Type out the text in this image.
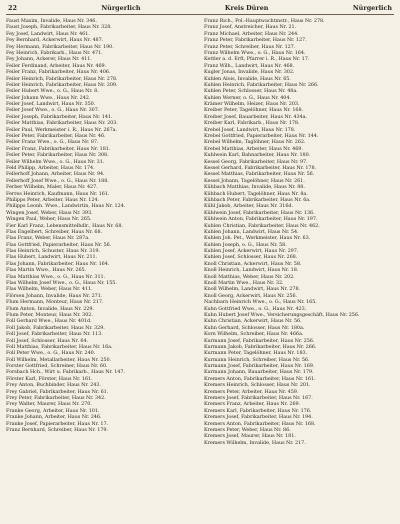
22	Nürgerlich	Kreis Düren	Nürgerlich
Faust Maxim, Invalide, Haus Nr. 346.
Faust Joseph, Fabrikarbeiter, Haus Nr. 328.
Fey Josef, Landwirt, Haus Nr. 461.
Fey Bernhard, Ackerwirt, Haus Nr. 487.
Fey Hermann, Fabrikarbeiter, Haus Nr. 190.
Fey Heinrich, Fabrikarb., Haus Nr. 471.
Fey Johann, Ackerer, Haus Nr. 411.
Feiler Ferdinand, Arbeiter, Haus Nr. 469.
Feiler Franz, Fabrikarbeiter, Haus Nr. 406.
Feiler Heinrich, Fabrikarbeiter, Haus Nr. 278.
Feiler Heinrich, Fabrikarbeiter, Haus Nr. 209.
Feiler Hubert Wwe., o. G., Haus Nr. 8.
Feiler Johann Wwe., Haus Nr. 242.
Feiler Josef, Landwirt, Haus Nr. 350.
Feiler Josef Wwe., o. G., Haus Nr. 307.
Feiler Joseph, Fabrikarbeiter, Haus Nr. 141.
Feiler Matthias, Fabrikarbeiter, Haus Nr. 203.
Feiler Paul, Werkmeister i. R., Haus Nr. 267a.
Feiler Peter, Fabrikarbeiter, Haus Nr. 46.
Feiler Franz Wwe., o. G., Haus Nr. 87.
Feiler Franz, Fabrikarbeiter, Haus Nr. 181.
Feiler Peter, Fabrikarbeiter, Haus Nr. 308.
Feiler Wilhelm Wwe., o. G., Haus Nr. 31.
Feld Philipp, Arbeiter, Haus Nr. 174.
Fellerhoff Johann, Arbeiter, Haus Nr. 94.
Fellerhoff Josef Wwe., o. G., Haus Nr. 188.
Ferber Wilhelm, Maler, Haus Nr. 427.
Ferres Heinrich, Kaufmann, Haus Nr. 161.
Philipps Peter, Arbeiter, Haus Nr. 124.
Philipps Leonh. Wwe., Landwirtin, Haus Nr. 124.
Wingen Josef, Weber, Haus Nr. 393.
Wingen Paul, Weber, Haus Nr. 265.
Fier Karl Franz, Lebensmittelhdlr., Haus Nr. 68.
Flas Engelbert, Schreiber, Haus Nr. 68.
Flas Franz, Weber, Haus Nr. 287a.
Flas Gottfried, Papierarbeiter, Haus Nr. 56.
Flas Heinrich, Schuster, Haus Nr. 319.
Flas Hubert, Landwirt, Haus Nr. 211.
Flas Johann, Fabrikarbeiter, Haus Nr. 164.
Flas Martin Wwe., Haus Nr. 265.
Flas Matthias Wwe., o. G., Haus Nr. 311.
Flas Wilhelm Josef Wwe., o. G., Haus Nr. 155.
Flas Wilhelm, Weber, Haus Nr. 411.
Flörsen Johann, Invalide, Haus Nr. 271.
Flum Hermann, Monteur, Haus Nr. 217.
Flum Anton, Invalide, Haus Nr. 229.
Flum Peter, Monteur, Haus Nr. 302.
Foll Gerhard Wwe., Haus Nr. 401d.
Foll Jakob, Fabrikarbeiter, Haus Nr. 329.
Foll Josef, Fabrikarbeiter, Haus Nr. 113.
Foll Josef, Schlosser, Haus Nr. 64.
Foll Matthias, Fabrikarbeiter, Haus Nr. 16a.
Foll Peter Wwe., o. G., Haus Nr. 240.
Foll Wilhelm, Metallarbeiter, Haus Nr. 250.
Forster Gottfried, Schreiner, Haus Nr. 60.
Forsbach Hch., Wirt u. Fabrikarb., Haus Nr. 147.
Förster Karl, Förster, Haus Nr. 161.
Frey Anton, Buchbinder, Haus Nr. 243.
Frey Gabriel, Fabrikarbeiter, Haus Nr. 61.
Frey Peter, Fabrikarbeiter, Haus Nr. 342.
Frey Walter, Maurer, Haus Nr. 270.
Franke Georg, Arbeiter, Haus Nr. 101.
Franke Johann, Arbeiter, Haus Nr. 246.
Franke Josef, Papierarbeiter, Haus Nr. 17.
Franz Bernhard, Schreiber, Haus Nr. 179.
Franz Rich., Pol.-Hauptwachtmstr., Haus Nr. 278.
Franz Josef, Anstreicher, Haus Nr. 21.
Franz Michael, Arbeiter, Haus Nr. 244.
Franz Peter, Fabrikarbeiter, Haus Nr. 127.
Franz Peter, Schreiber, Haus Nr. 127.
Franz Wilhelm Wwe., o. G., Haus Nr. 164.
Kettler a. d. Erft, Pfarrer i. R., Haus Nr. 17.
Franz Wilh., Landwirt, Haus Nr. 468.
Kugler Jonas, Invalide, Haus Nr. 302.
Kuhlen Alois, Invalide, Haus Nr. 65.
Kuhlen Heinrich, Fabrikarbeiter, Haus Nr. 266.
Kuhlen Peter, Schlosser, Haus Nr. 48a.
Kuhlen Werner, o. G., Haus Nr. 404.
Krämer Wilhelm, Heizer, Haus Nr. 203.
Kreiber Peter, Tagelöhner, Haus Nr. 168.
Kreiber Josef, Bauarbeiter, Haus Nr. 434a.
Kreiber Karl, Fabrikarb., Haus Nr. 178.
Krebel Josef, Landwirt, Haus Nr. 178.
Krebel Gottfried, Papierarbeiter, Haus Nr. 144.
Krebel Wilhelm, Taglöhner, Haus Nr. 262.
Krebel Matthias, Arbeiter, Haus Nr. 469.
Kuhlwein Karl, Bahnarbeiter, Haus Nr. 180.
Kessel Georg, Fabrikarbeiter, Haus Nr. 97.
Kessel Gerhard, Fabrikarbeiter, Haus Nr. 178.
Kessel Matthias, Fabrikarbeiter, Haus Nr. 56.
Kessel Johann, Tagelöhner, Haus Nr. 261.
Kühbach Matthias, Invalide, Haus Nr. 88.
Kühbach Hubert, Tagelöhner, Haus Nr. 8a.
Kühbach Peter, Fabrikarbeiter, Haus Nr. 6a.
Kühl Jakob, Arbeiter, Haus Nr. 316d.
Kühlwein Josef, Fabrikarbeiter, Haus Nr. 136.
Kühlwein Anton, Fabrikarbeiter, Haus Nr. 197.
Kuhlen Christian, Fabrikarbeiter, Haus Nr. 462.
Kuhlen Johann, Landwirt, Haus Nr. 54.
Kuhlen Joh. Pet., Werkmeister, Haus Nr. 63.
Kuhlen Joseph, o. G., Haus Nr. 58.
Kuhlen Josef, Ackerwirt, Haus Nr. 297.
Kuhlen Josef, Schlosser, Haus Nr. 268.
Knoll Christian, Ackerwirt, Haus Nr. 58.
Knoll Heinrich, Landwirt, Haus Nr. 18.
Knoll Matthias, Weber, Haus Nr. 202.
Knoll Martin Wwe., Haus Nr. 32.
Knoll Wilhelm, Landwirt, Haus Nr. 278.
Knoll Georg, Ackerwirt, Haus Nr. 256.
Nachbarn Heinrich Wwe., o. G., Haus Nr. 165.
Kuhn Gottfried Wwe., o. G., Haus Nr. 423.
Kuhn Hubert Josef Wwe., Versicherungsgeschäft, Haus Nr. 256.
Kuhn Christian, Ackerwirt, Haus Nr. 56.
Kuhn Gerhard, Schlosser, Haus Nr. 180a.
Korn Wilhelm, Schreiber, Haus Nr. 466a.
Kurmann Josef, Fabrikarbeiter, Haus Nr. 256.
Kurmann Jakob, Fabrikarbeiter, Haus Nr. 266.
Kurmann Peter, Tagelöhner, Haus Nr. 183.
Kurmann Heinrich, Schreiber, Haus Nr. 56.
Kurmann Josef, Fabrikarbeiter, Haus Nr. 169.
Kurmann Johann, Bauarbeiter, Haus Nr. 179.
Kremers Anton, Fabrikarbeiter, Haus Nr. 161.
Kremers Heinrich, Schlosser, Haus Nr. 201.
Kremers Peter, Arbeiter, Haus Nr. 459.
Kremers Josef, Fabrikarbeiter, Haus Nr. 167.
Kremers Franz, Arbeiter, Haus Nr. 269.
Kremers Karl, Fabrikarbeiter, Haus Nr. 176.
Kremers Josef, Fabrikarbeiter, Haus Nr. 194.
Kremers Anton, Fabrikarbeiter, Haus Nr. 168.
Kremers Peter, Weber, Haus Nr. 86.
Kremers Josef, Maurer, Haus Nr. 181.
Kremers Wilhelm, Invalide, Haus Nr. 217.
